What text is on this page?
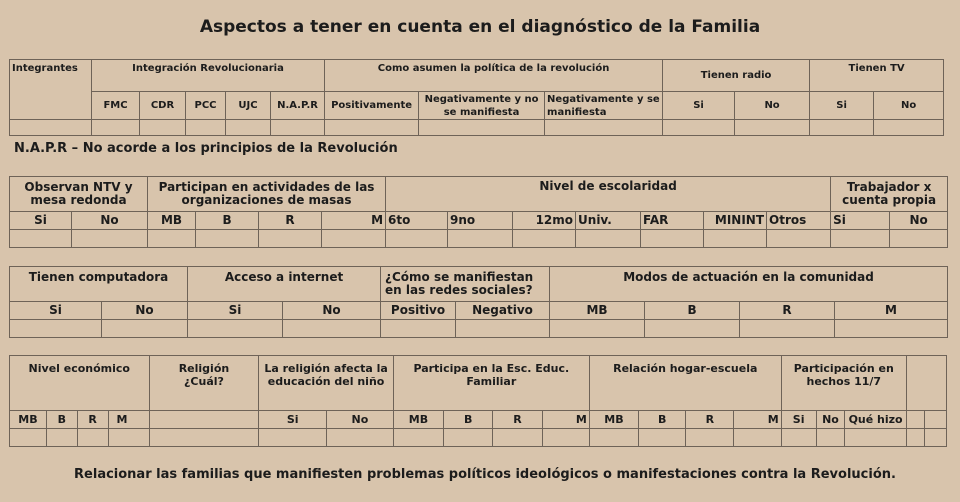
Aspectos a tener en cuenta en el diagnóstico de la Familia
Integrantes	Integración Revolucionaria					Como asumen la política de la revolución			Tienen radio		Tienen TV	
	FMC	CDR	PCC	UJC	N.A.P.R	Positivamente	Negativamente y no se manifiesta	Negativamente y se manifiesta	Si	No	Si	No

N.A.P.R – No acorde a los principios de la Revolución
Observan NTV y mesa redonda		Participan en actividades de las organizaciones de masas				Nivel de escolaridad							Trabajador x cuenta propia	
Si	No	MB	B	R	M	6to	9no	12mo	Univ.	FAR	MININT	Otros	Si	No

Tienen computadora		Acceso a internet		¿Cómo se manifiestan en las redes sociales?		Modos de actuación en la comunidad			
Si	No	Si	No	Positivo	Negativo	MB	B	R	M

Nivel económico				Religión ¿Cuál?	La religión afecta la educación del niño		Participa en la Esc. Educ. Familiar				Relación hogar-escuela				Participación en hechos 11/7				
MB	B	R	M		Si	No	MB	B	R	M	MB	B	R	M	Si	No	Qué hizo		

Relacionar las familias que manifiesten problemas políticos ideológicos o manifestaciones contra la Revolución.
